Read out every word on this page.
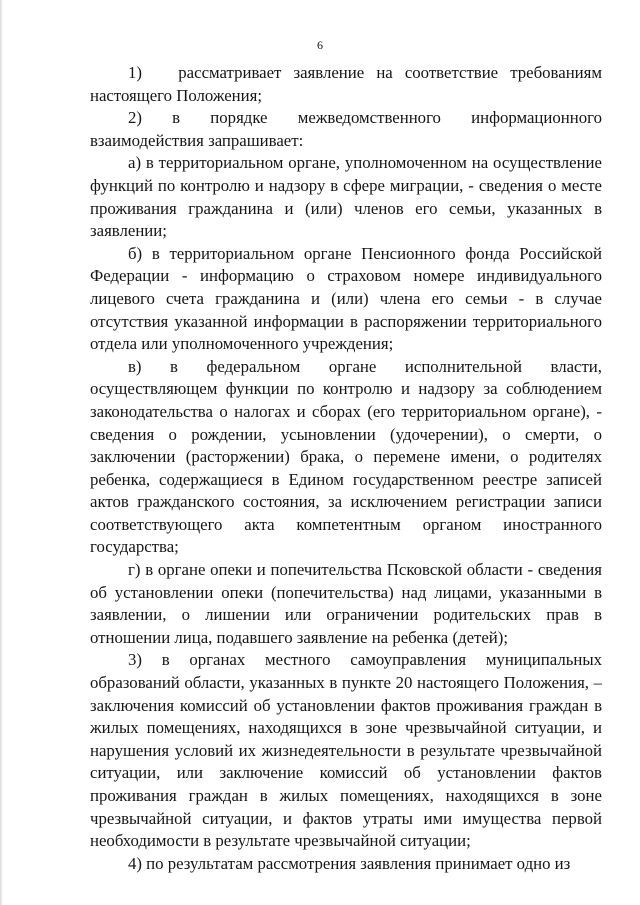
6

1)   рассматривает заявление на соответствие требованиям настоящего Положения;

2) в порядке межведомственного информационного взаимодействия запрашивает:

а) в территориальном органе, уполномоченном на осуществление функций по контролю и надзору в сфере миграции, - сведения о месте проживания гражданина и (или) членов его семьи, указанных в заявлении;

б) в территориальном органе Пенсионного фонда Российской Федерации - информацию о страховом номере индивидуального лицевого счета гражданина и (или) члена его семьи - в случае отсутствия указанной информации в распоряжении территориального отдела или уполномоченного учреждения;

в) в федеральном органе исполнительной власти, осуществляющем функции по контролю и надзору за соблюдением законодательства о налогах и сборах (его территориальном органе), - сведения о рождении, усыновлении (удочерении), о смерти, о заключении (расторжении) брака, о перемене имени, о родителях ребенка, содержащиеся в Едином государственном реестре записей актов гражданского состояния, за исключением регистрации записи соответствующего акта компетентным органом иностранного государства;

г) в органе опеки и попечительства Псковской области - сведения об установлении опеки (попечительства) над лицами, указанными в заявлении, о лишении или ограничении родительских прав в отношении лица, подавшего заявление на ребенка (детей);

3) в органах местного самоуправления муниципальных образований области, указанных в пункте 20 настоящего Положения, – заключения комиссий об установлении фактов проживания граждан в жилых помещениях, находящихся в зоне чрезвычайной ситуации, и нарушения условий их жизнедеятельности в результате чрезвычайной ситуации, или заключение комиссий об установлении фактов проживания граждан в жилых помещениях, находящихся в зоне чрезвычайной ситуации, и фактов утраты ими имущества первой необходимости в результате чрезвычайной ситуации;

4) по результатам рассмотрения заявления принимает одно из
